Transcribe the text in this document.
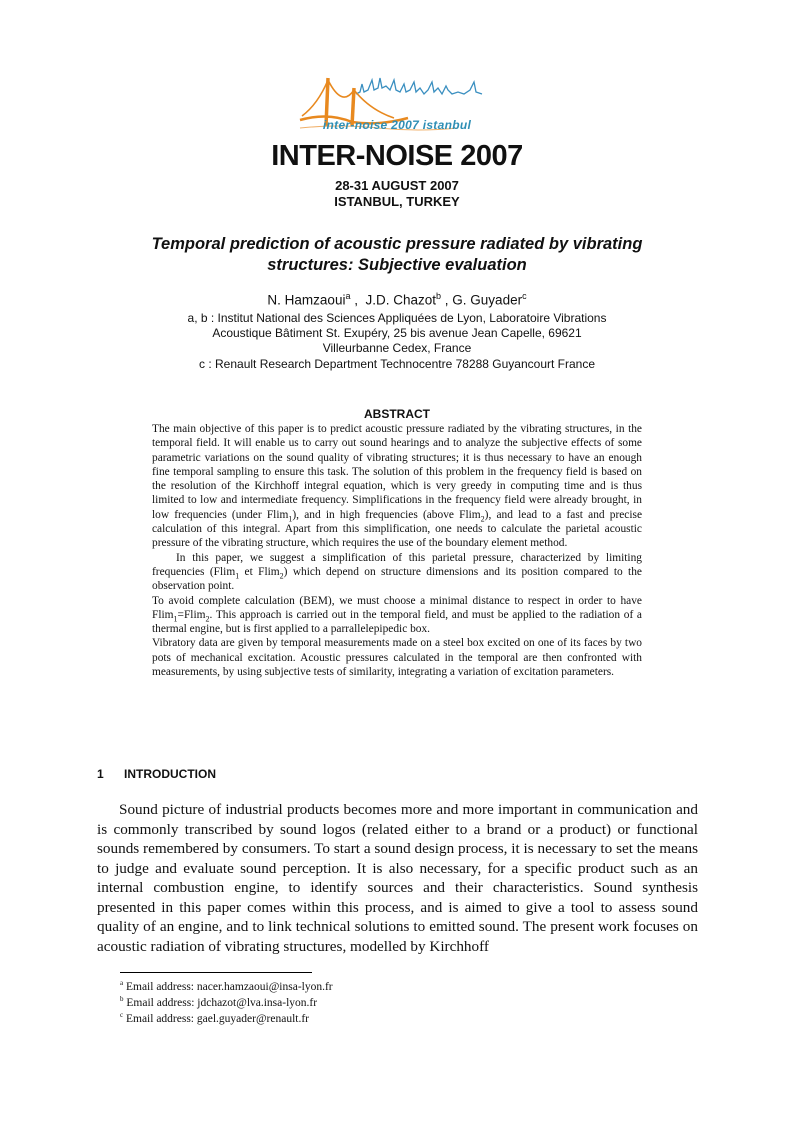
inter-noise 2007 istanbul
INTER-NOISE 2007
28-31 AUGUST 2007
ISTANBUL, TURKEY
Temporal prediction of acoustic pressure radiated by vibrating
structures: Subjective evaluation
N. Hamzaoui$^a$ ,  J.D. Chazot$^b$ , G. Guyader$^c$
a, b : Institut National des Sciences Appliquées de Lyon, Laboratoire Vibrations
Acoustique Bâtiment St. Exupéry, 25 bis avenue Jean Capelle, 69621
Villeurbanne Cedex, France
c : Renault Research Department Technocentre 78288 Guyancourt France
ABSTRACT

The main objective of this paper is to predict acoustic pressure radiated by the vibrating structures, in the temporal field. It will enable us to carry out sound hearings and to analyze the subjective effects of some parametric variations on the sound quality of vibrating structures; it is thus necessary to have an enough fine temporal sampling to ensure this task. The solution of this problem in the frequency field is based on the resolution of the Kirchhoff integral equation, which is very greedy in computing time and is thus limited to low and intermediate frequency. Simplifications in the frequency field were already brought, in low frequencies (under Flim$_1$), and in high frequencies (above Flim$_2$), and lead to a fast and precise calculation of this integral. Apart from this simplification, one needs to calculate the parietal acoustic pressure of the vibrating structure, which requires the use of the boundary element method.

In this paper, we suggest a simplification of this parietal pressure, characterized by limiting frequencies (Flim$_1$ et Flim$_2$) which depend on structure dimensions and its position compared to the observation point.

To avoid complete calculation (BEM), we must choose a minimal distance to respect in order to have Flim$_1$=Flim$_2$. This approach is carried out in the temporal field, and must be applied to the radiation of a thermal engine, but is first applied to a parrallelepipedic box.

Vibratory data are given by temporal measurements made on a steel box excited on one of its faces by two pots of mechanical excitation. Acoustic pressures calculated in the temporal are then confronted with measurements, by using subjective tests of similarity, integrating a variation of excitation parameters.

1 INTRODUCTION

Sound picture of industrial products becomes more and more important in communication and is commonly transcribed by sound logos (related either to a brand or a product) or functional sounds remembered by consumers. To start a sound design process, it is necessary to set the means to judge and evaluate sound perception. It is also necessary, for a specific product such as an internal combustion engine, to identify sources and their characteristics. Sound synthesis presented in this paper comes within this process, and is aimed to give a tool to assess sound quality of an engine, and to link technical solutions to emitted sound. The present work focuses on acoustic radiation of vibrating structures, modelled by Kirchhoff

$^a$ Email address: nacer.hamzaoui@insa-lyon.fr
$^b$ Email address: jdchazot@lva.insa-lyon.fr
$^c$ Email address: gael.guyader@renault.fr
